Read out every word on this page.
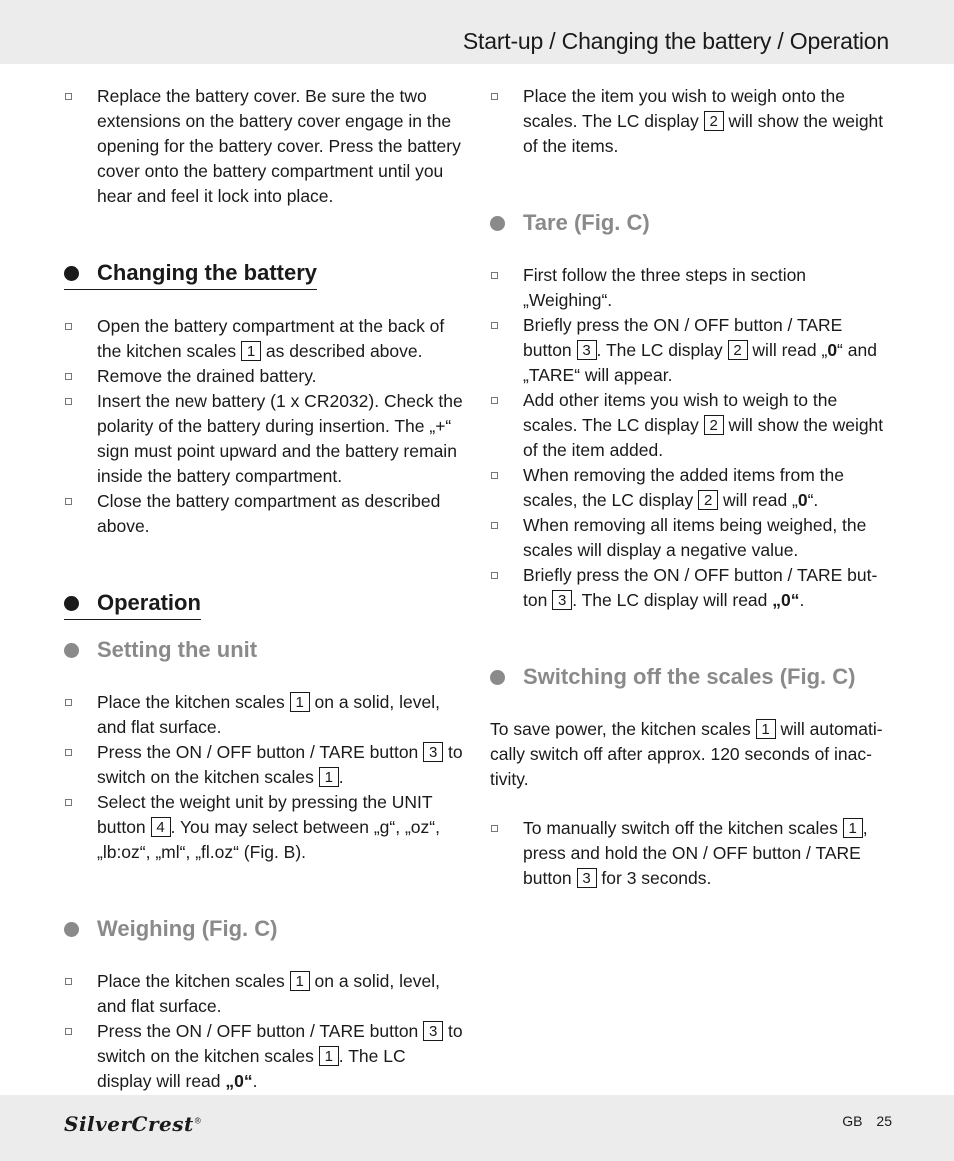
Start-up / Changing the battery / Operation
Replace the battery cover. Be sure the two extensions on the battery cover engage in the opening for the battery cover. Press the battery cover onto the battery compartment until you hear and feel it lock into place.
Changing the battery
Open the battery compartment at the back of the kitchen scales 1 as described above.
Remove the drained battery.
Insert the new battery (1 x CR2032). Check the polarity of the battery during insertion. The „+“ sign must point upward and the battery remain inside the battery compartment.
Close the battery compartment as described above.
Operation
Setting the unit
Place the kitchen scales 1 on a solid, level, and flat surface.
Press the ON / OFF button / TARE button 3 to switch on the kitchen scales 1 .
Select the weight unit by pressing the UNIT button 4 . You may select between „g“, „oz“, „lb:oz“, „ml“, „fl.oz“ (Fig. B).
Weighing (Fig. C)
Place the kitchen scales 1 on a solid, level, and flat surface.
Press the ON / OFF button / TARE button 3 to switch on the kitchen scales 1 . The LC display will read „0“.
Place the item you wish to weigh onto the scales. The LC display 2 will show the weight of the items.
Tare (Fig. C)
First follow the three steps in section „Weighing“.
Briefly press the ON / OFF button / TARE button 3 . The LC display 2 will read „0“ and „TARE“ will appear.
Add other items you wish to weigh to the scales. The LC display 2 will show the weight of the item added.
When removing the added items from the scales, the LC display 2 will read „0“.
When removing all items being weighed, the scales will display a negative value.
Briefly press the ON / OFF button / TARE but-ton 3 . The LC display will read „0“.
Switching off the scales (Fig. C)

To save power, the kitchen scales 1 will automati-cally switch off after approx. 120 seconds of inac-tivity.

To manually switch off the kitchen scales 1 , press and hold the ON / OFF button / TARE button 3 for 3 seconds.
SilverCrest®	GB 25
